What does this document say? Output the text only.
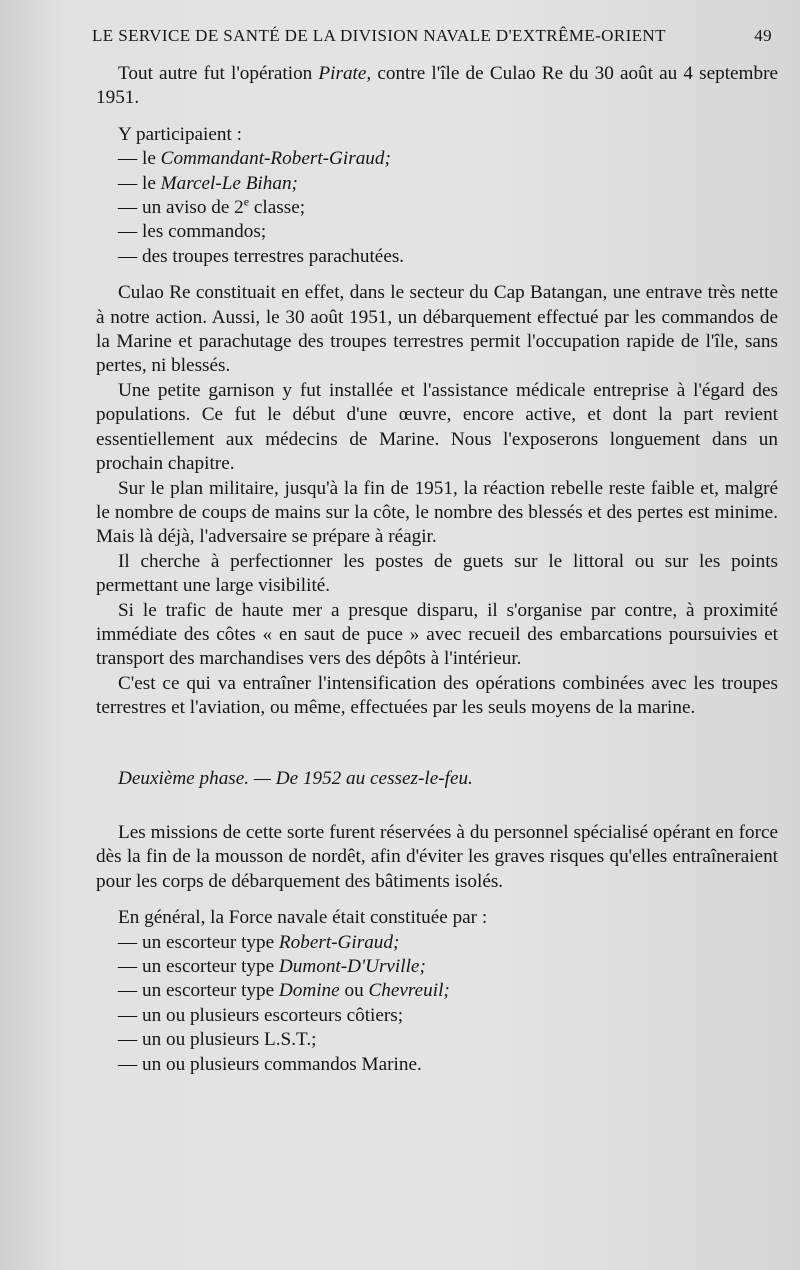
LE SERVICE DE SANTÉ DE LA DIVISION NAVALE D'EXTRÊME-ORIENT	49

Tout autre fut l'opération Pirate, contre l'île de Culao Re du 30 août au 4 septembre 1951.

Y participaient :

— le Commandant-Robert-Giraud;
— le Marcel-Le Bihan;
— un aviso de 2e classe;
— les commandos;
— des troupes terrestres parachutées.

Culao Re constituait en effet, dans le secteur du Cap Batangan, une entrave très nette à notre action. Aussi, le 30 août 1951, un débarquement effectué par les commandos de la Marine et parachutage des troupes terrestres permit l'occupation rapide de l'île, sans pertes, ni blessés.

Une petite garnison y fut installée et l'assistance médicale entreprise à l'égard des populations. Ce fut le début d'une œuvre, encore active, et dont la part revient essentiellement aux médecins de Marine. Nous l'exposerons longuement dans un prochain chapitre.

Sur le plan militaire, jusqu'à la fin de 1951, la réaction rebelle reste faible et, malgré le nombre de coups de mains sur la côte, le nombre des blessés et des pertes est minime. Mais là déjà, l'adversaire se prépare à réagir.

Il cherche à perfectionner les postes de guets sur le littoral ou sur les points permettant une large visibilité.

Si le trafic de haute mer a presque disparu, il s'organise par contre, à proximité immédiate des côtes « en saut de puce » avec recueil des embarcations poursuivies et transport des marchandises vers des dépôts à l'intérieur.

C'est ce qui va entraîner l'intensification des opérations combinées avec les troupes terrestres et l'aviation, ou même, effectuées par les seuls moyens de la marine.

Deuxième phase. — De 1952 au cessez-le-feu.

Les missions de cette sorte furent réservées à du personnel spécialisé opérant en force dès la fin de la mousson de nordêt, afin d'éviter les graves risques qu'elles entraîneraient pour les corps de débarquement des bâtiments isolés.

En général, la Force navale était constituée par :

— un escorteur type Robert-Giraud;
— un escorteur type Dumont-D'Urville;
— un escorteur type Domine ou Chevreuil;
— un ou plusieurs escorteurs côtiers;
— un ou plusieurs L.S.T.;
— un ou plusieurs commandos Marine.
